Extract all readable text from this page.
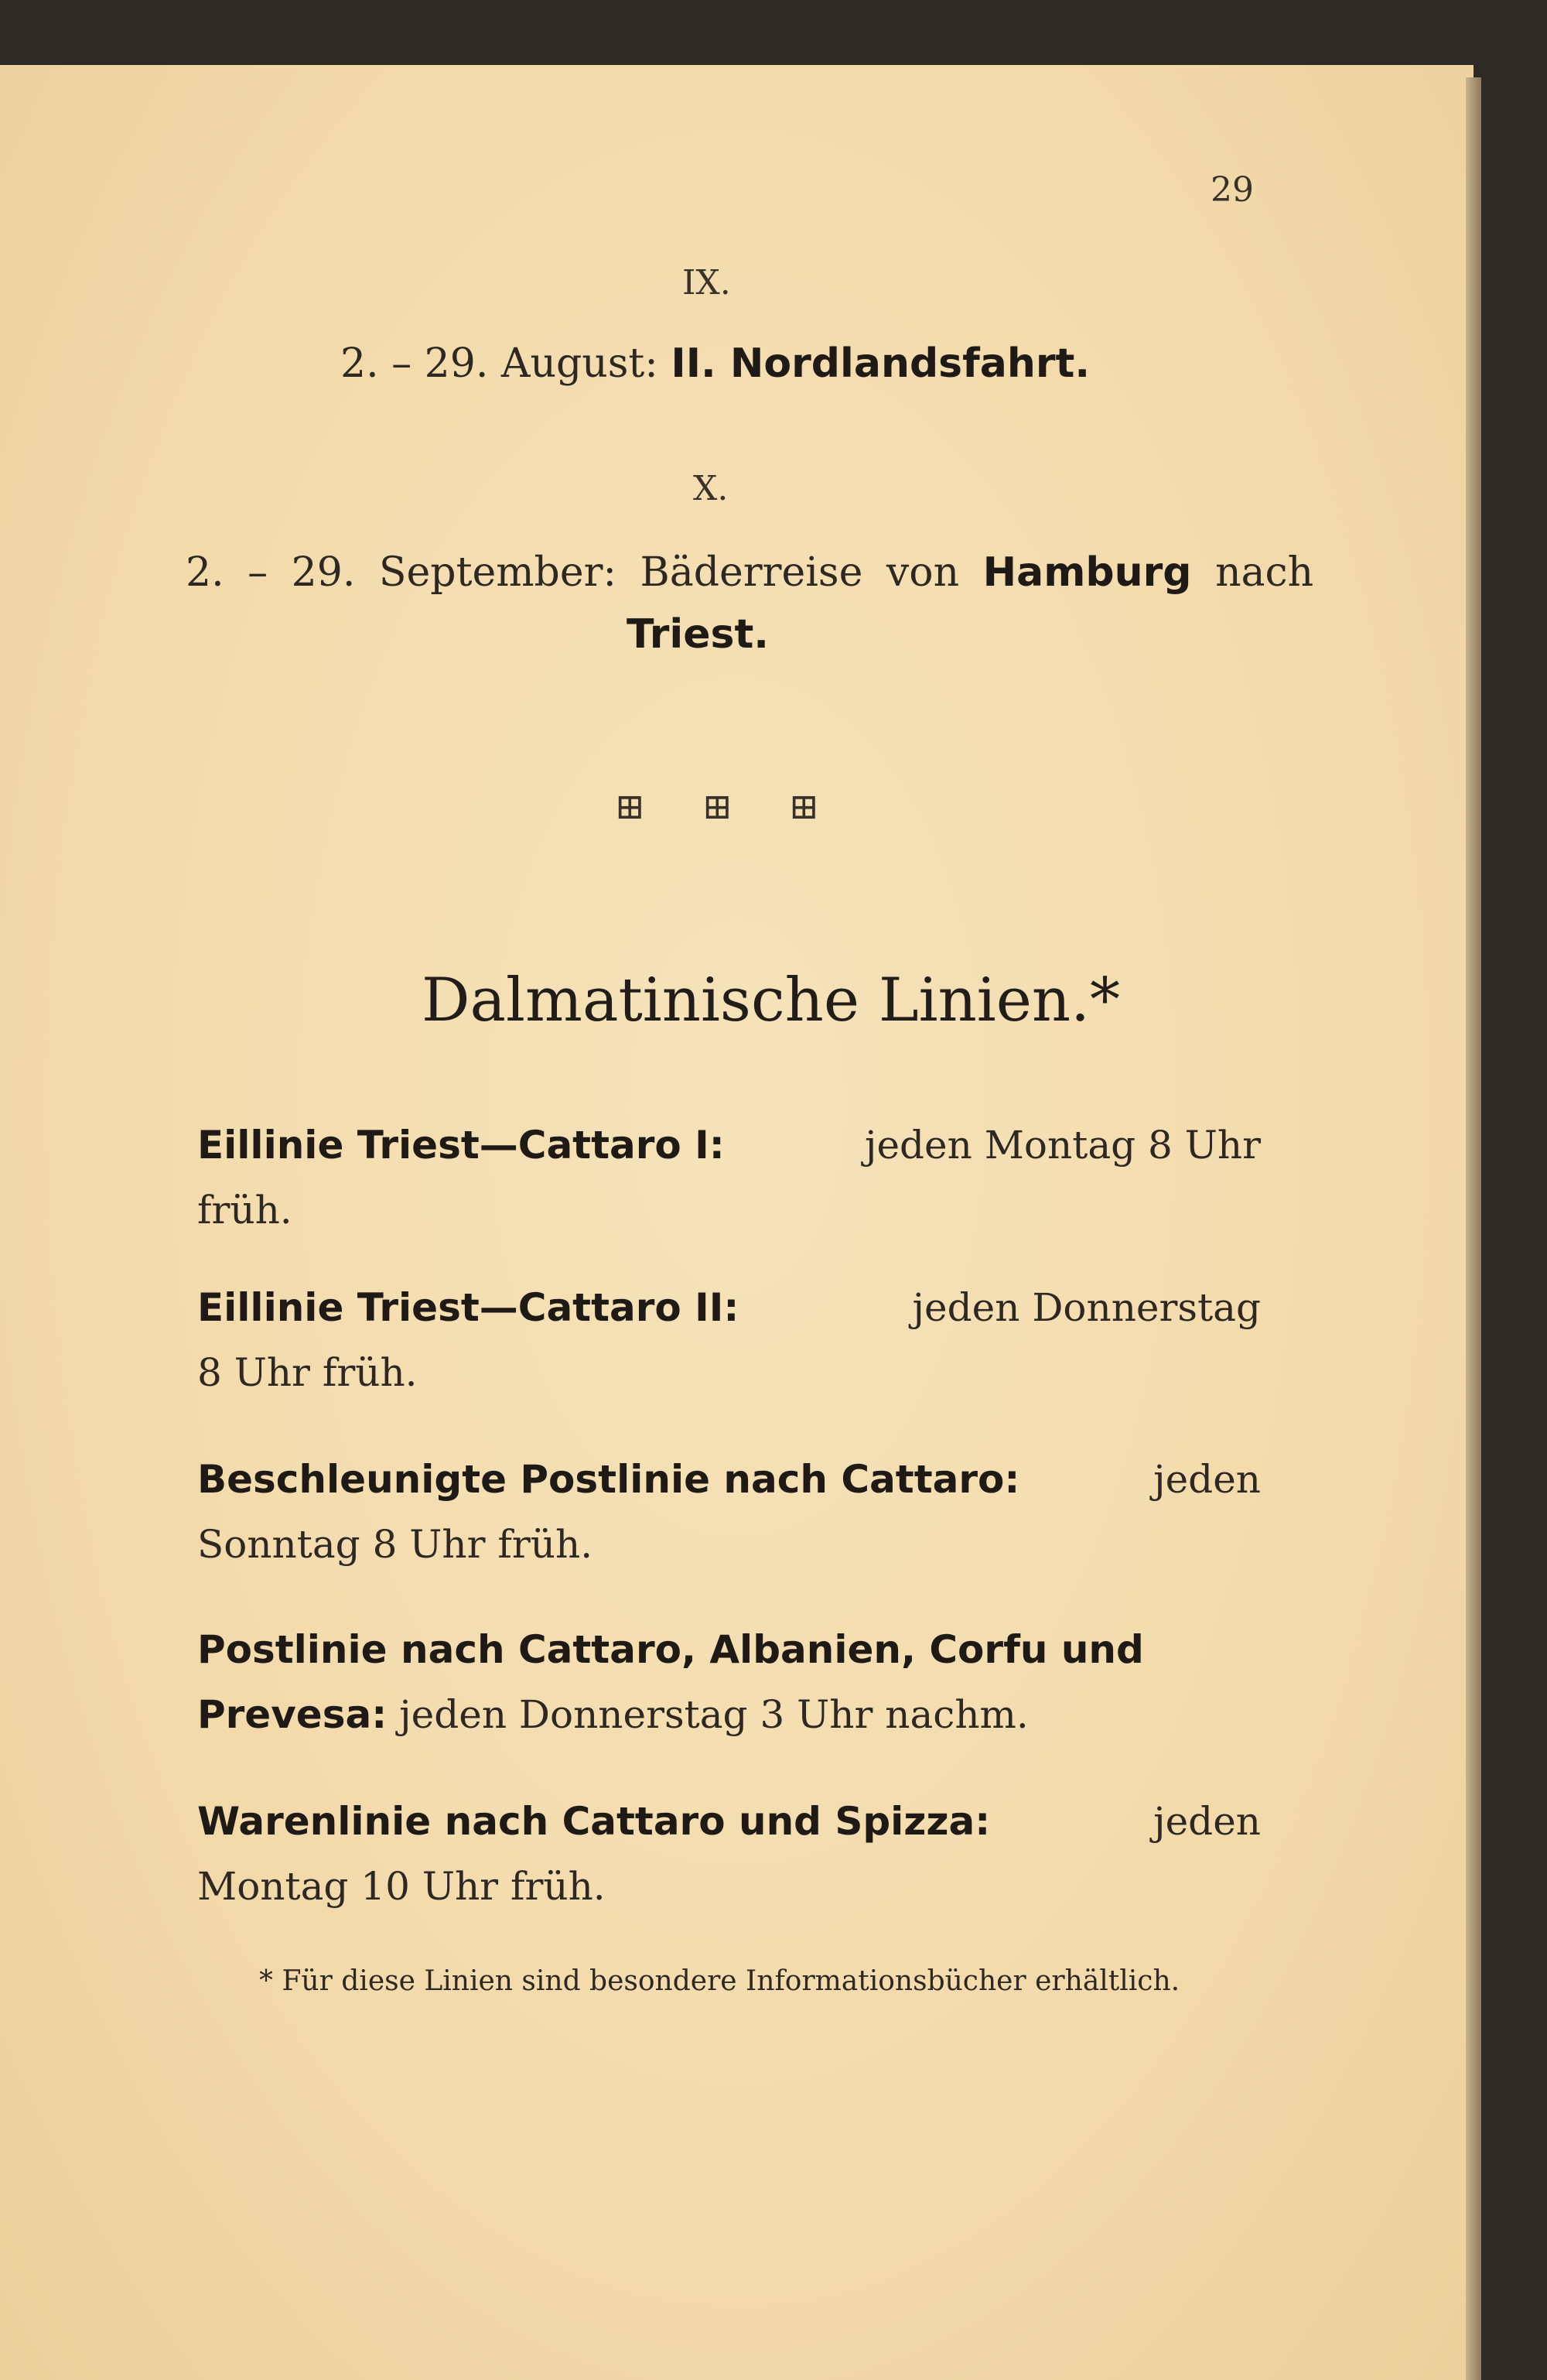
29
IX.
2. – 29. August: II. Nordlandsfahrt.
X.
2. – 29. September: Bäderreise von Hamburg nach
Triest.
⊞ ⊞ ⊞
Dalmatinische Linien.*
Eillinie Triest—Cattaro I:	jeden Montag 8 Uhr
früh.
Eillinie Triest—Cattaro II:	jeden Donnerstag
8 Uhr früh.
Beschleunigte Postlinie nach Cattaro:	jeden
Sonntag 8 Uhr früh.
Postlinie nach Cattaro, Albanien, Corfu und
Prevesa: jeden Donnerstag 3 Uhr nachm.
Warenlinie nach Cattaro und Spizza:	jeden
Montag 10 Uhr früh.
* Für diese Linien sind besondere Informationsbücher erhältlich.
